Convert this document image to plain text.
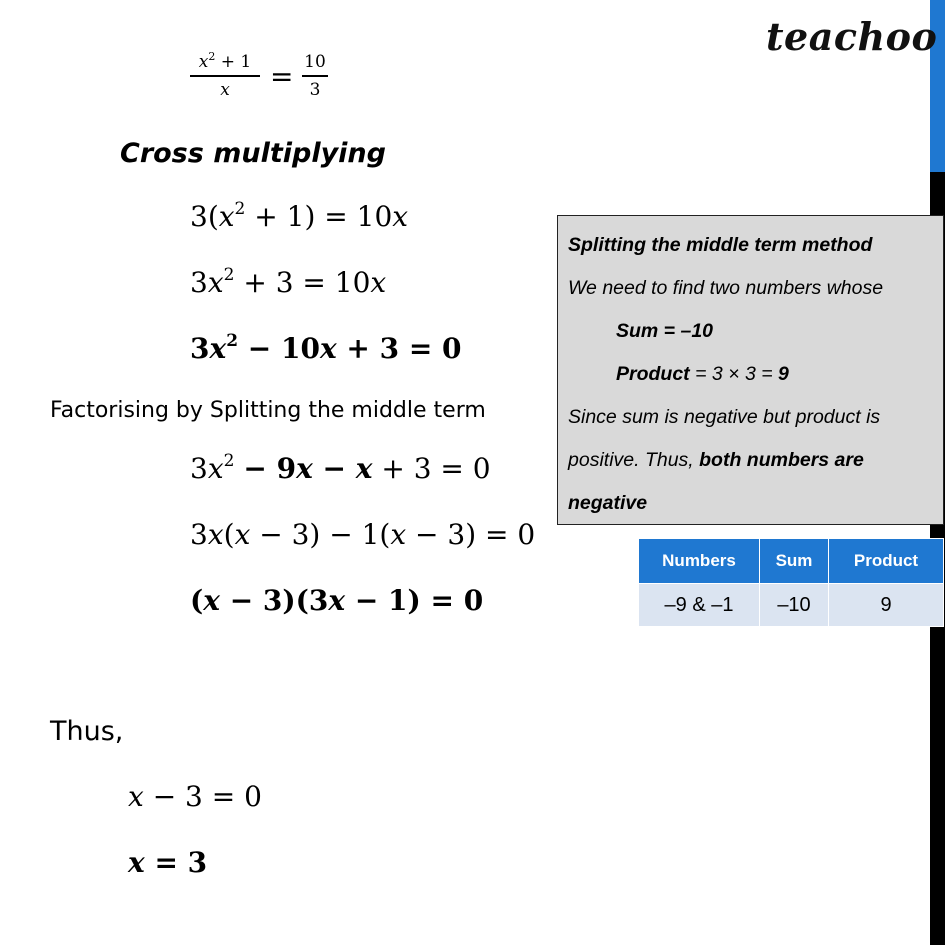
teachoo
$x^2 + 1$
x	= 10
3
Cross multiplying
$3(x^2 + 1) = 10x$
$3x^2 + 3 = 10x$
$3x^2 - 10x + 3 = 0$
Factorising by Splitting the middle term
$3x^2 - 9x - x + 3 = 0$
3x(x − 3) − 1(x − 3) = 0
(x − 3)(3x − 1) = 0
Thus,
x − 3 = 0
x = 3
Splitting the middle term method
We need to find two numbers whose
Sum = –10
Product = 3 × 3 = 9
Since sum is negative but product is
positive. Thus, both numbers are
negative
Numbers	Sum	Product
–9 & –1	–10	9
